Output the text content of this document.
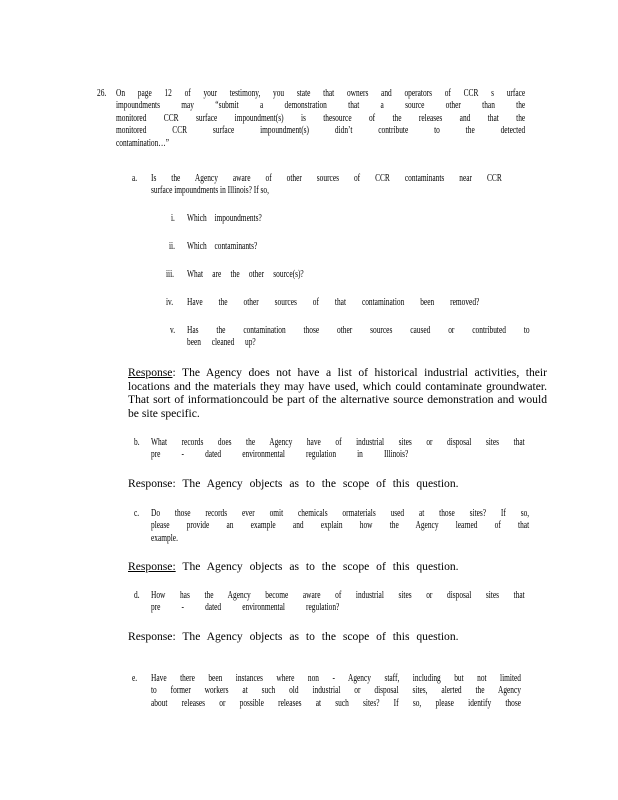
26. On page 12 of your testimony, you state that owners and operators of CCR s urface
impoundments may “submit a demonstration that a source other than the
monitored CCR surface impoundment(s) is thesource of the releases and that the
monitored CCR surface impoundment(s) didn’t contribute to the detected
contamination…”
a. Is the Agency aware of other sources of CCR contaminants near CCR
surface impoundments in Illinois? If so,
i. Which impoundments?
ii. Which contaminants?
iii. What are the other source(s)?
iv. Have the other sources of that contamination been removed?
v. Has the contamination those other sources caused or contributed to
been cleaned up?
Response: The Agency does not have a list of historical industrial activities, their
locations and the materials they may have used, which could contaminate groundwater.
That sort of informationcould be part of the alternative source demonstration and would
be site specific.
b. What records does the Agency have of industrial sites or disposal sites that
pre - dated environmental regulation in Illinois?
Response: The Agency objects as to the scope of this question.
c. Do those records ever omit chemicals ormaterials used at those sites? If so,
please provide an example and explain how the Agency learned of that
example.
Response: The Agency objects as to the scope of this question.
d. How has the Agency become aware of industrial sites or disposal sites that
pre - dated environmental regulation?
Response: The Agency objects as to the scope of this question.
e. Have there been instances where non - Agency staff, including but not limited
to former workers at such old industrial or disposal sites, alerted the Agency
about releases or possible releases at such sites? If so, please identify those
